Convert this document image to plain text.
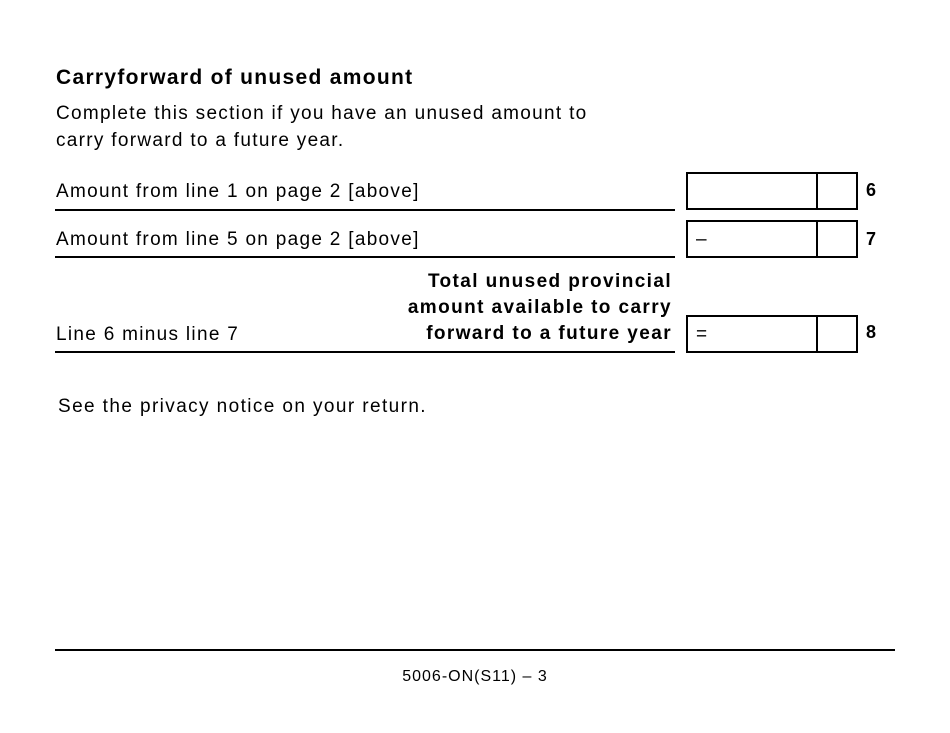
Carryforward of unused amount
Complete this section if you have an unused amount to
carry forward to a future year.
Amount from line 1 on page 2 [above]	6
Amount from line 5 on page 2 [above]	–	7
Total unused provincial
amount available to carry
forward to a future year
Line 6 minus line 7	=	8
See the privacy notice on your return.
5006-ON(S11) – 3
